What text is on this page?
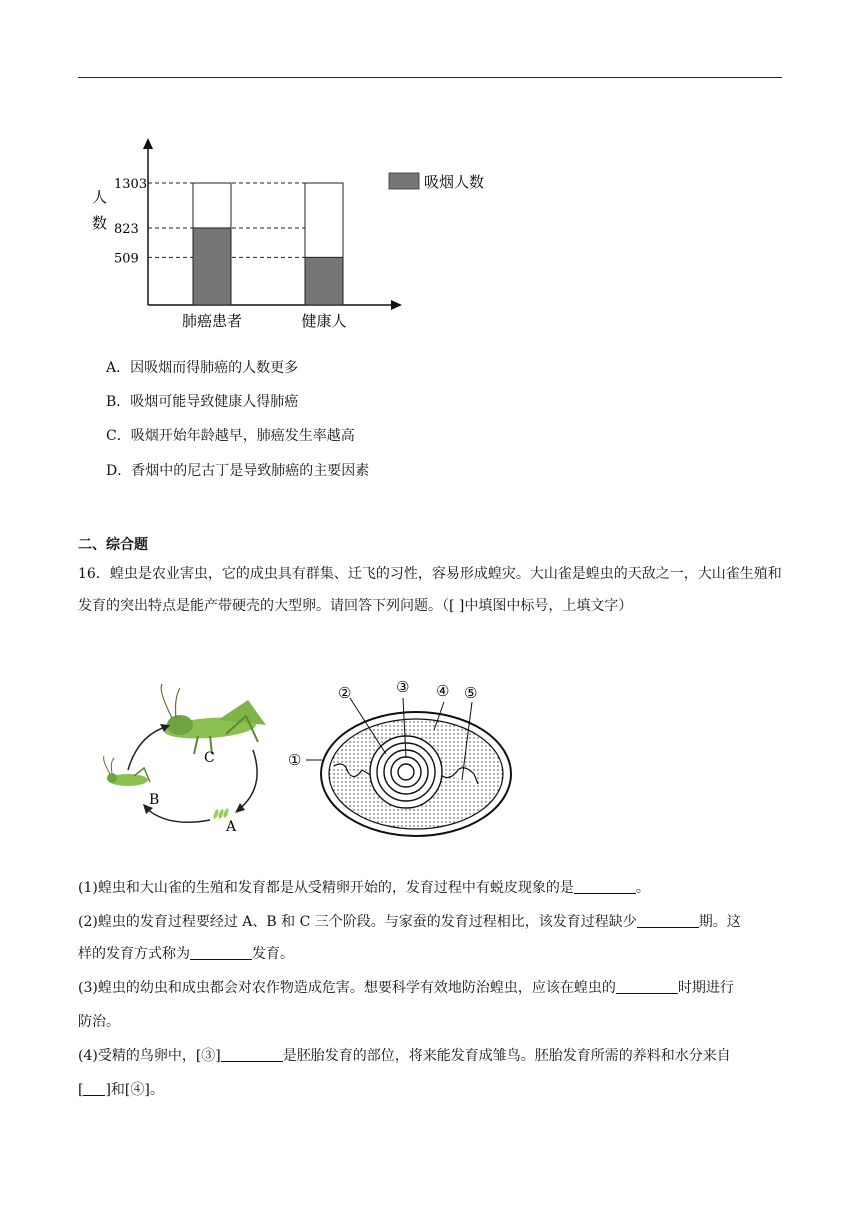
人
数
吸烟人数
1303
823
509
肺癌患者	健康人
A．因吸烟而得肺癌的人数更多
B．吸烟可能导致健康人得肺癌
C．吸烟开始年龄越早，肺癌发生率越高
D．香烟中的尼古丁是导致肺癌的主要因素
二、综合题
16．蝗虫是农业害虫，它的成虫具有群集、迁飞的习性，容易形成蝗灾。大山雀是蝗虫的天敌之一，大山雀生殖和发育的突出特点是能产带硬壳的大型卵。请回答下列问题。（[ ]中填图中标号，上填文字）
C
B
A
①
②	③ ④ ⑤
(1)蝗虫和大山雀的生殖和发育都是从受精卵开始的，发育过程中有蜕皮现象的是	。
(2)蝗虫的发育过程要经过 A、B 和 C 三个阶段。与家蚕的发育过程相比，该发育过程缺少	期。这
样的发育方式称为	发育。
(3)蝗虫的幼虫和成虫都会对农作物造成危害。想要科学有效地防治蝗虫，应该在蝗虫的	时期进行
防治。
(4)受精的鸟卵中，[③]	是胚胎发育的部位，将来能发育成雏鸟。胚胎发育所需的养料和水分来自
[ ]和[④]。
